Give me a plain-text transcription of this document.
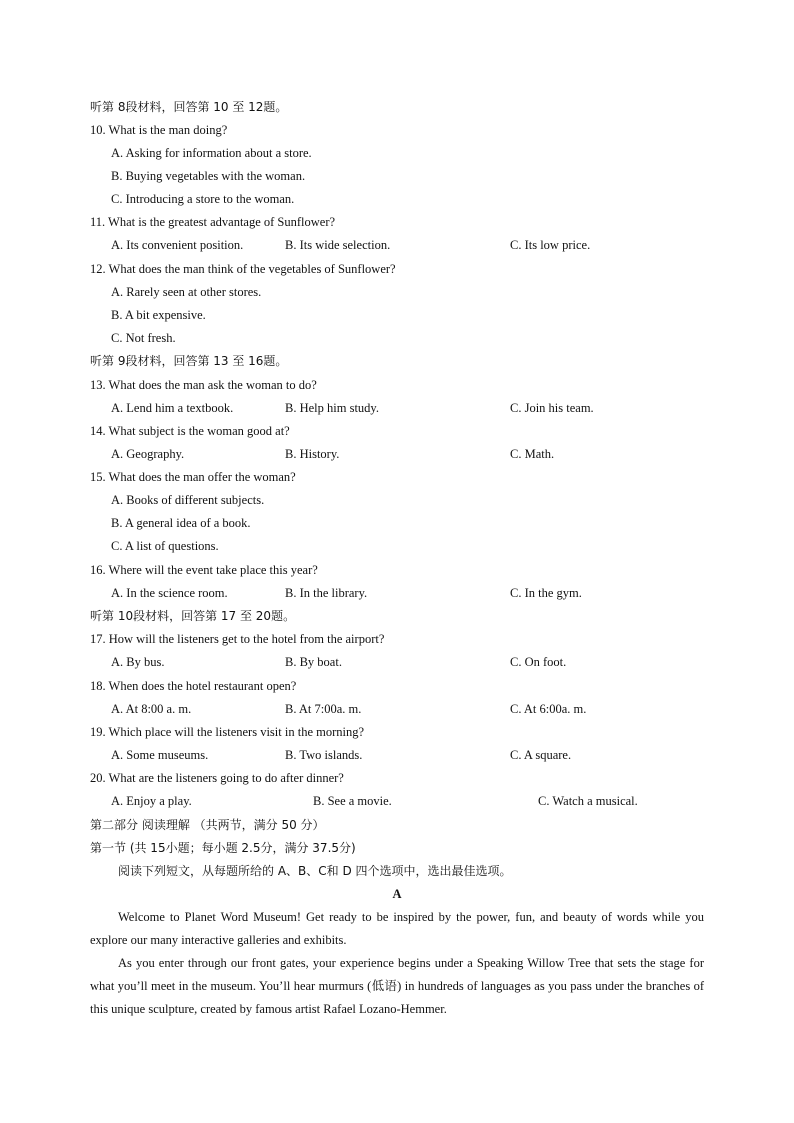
听第 8段材料，回答第 10 至 12题。
10. What is the man doing?
A. Asking for information about a store.
B. Buying vegetables with the woman.
C. Introducing a store to the woman.
11. What is the greatest advantage of Sunflower?
A. Its convenient position.	B. Its wide selection.	C. Its low price.
12. What does the man think of the vegetables of Sunflower?
A. Rarely seen at other stores.
B. A bit expensive.
C. Not fresh.
听第 9段材料，回答第 13 至 16题。
13. What does the man ask the woman to do?
A. Lend him a textbook.	B. Help him study.	C. Join his team.
14. What subject is the woman good at?
A. Geography.	B. History.	C. Math.
15. What does the man offer the woman?
A. Books of different subjects.
B. A general idea of a book.
C. A list of questions.
16. Where will the event take place this year?
A. In the science room.	B. In the library.	C. In the gym.
听第 10段材料，回答第 17 至 20题。
17. How will the listeners get to the hotel from the airport?
A. By bus.	B. By boat.	C. On foot.
18. When does the hotel restaurant open?
A. At 8:00 a. m.	B. At 7:00a. m.	C. At 6:00a. m.
19. Which place will the listeners visit in the morning?
A. Some museums.	B. Two islands.	C. A square.
20. What are the listeners going to do after dinner?
A. Enjoy a play.	B. See a movie.	C. Watch a musical.
第二部分 阅读理解 （共两节，满分 50 分）
第一节 (共 15小题；每小题 2.5分，满分 37.5分)
阅读下列短文，从每题所给的 A、B、C和 D 四个选项中，选出最佳选项。
A
Welcome to Planet Word Museum! Get ready to be inspired by the power, fun, and beauty of words while you explore our many interactive galleries and exhibits.
As you enter through our front gates, your experience begins under a Speaking Willow Tree that sets the stage for what you’ll meet in the museum. You’ll hear murmurs (低语) in hundreds of languages as you pass under the branches of this unique sculpture, created by famous artist Rafael Lozano-Hemmer.
